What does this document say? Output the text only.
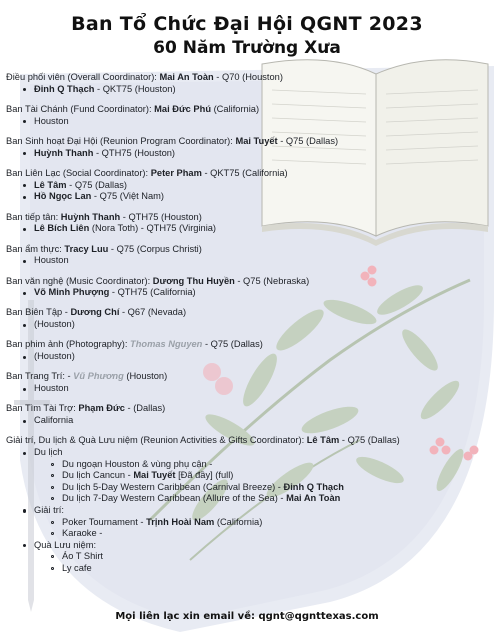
Ban Tổ Chức Đại Hội QGNT 2023
60 Năm Trường Xưa
Điều phối viên (Overall Coordinator): Mai An Toàn - Q70 (Houston)
Đinh Q Thạch - QKT75 (Houston)
Ban Tài Chánh (Fund Coordinator): Mai Đức Phú (California)
Houston
Ban Sinh hoạt Đại Hội (Reunion Program Coordinator): Mai Tuyết - Q75 (Dallas)
Huỳnh Thanh - QTH75 (Houston)
Ban Liên Lạc (Social Coordinator): Peter Pham - QKT75 (California)
Lê Tâm - Q75 (Dallas)
Hồ Ngọc Lan - Q75 (Việt Nam)
Ban tiếp tân: Huỳnh Thanh - QTH75 (Houston)
Lê Bích Liên (Nora Toth) - QTH75 (Virginia)
Ban ẩm thực: Tracy Luu - Q75 (Corpus Christi)
Houston
Ban văn nghệ (Music Coordinator): Dương Thu Huyền - Q75 (Nebraska)
Võ Minh Phượng - QTH75 (California)
Ban Biên Tập - Dương Chí - Q67 (Nevada)
(Houston)
Ban phim ảnh (Photography): Thomas Nguyen - Q75 (Dallas)
(Houston)
Ban Trang Trí: - Vũ Phương (Houston)
Houston
Ban Tìm Tài Trợ: Phạm Đức - (Dallas)
California
Giải trí, Du lịch & Quà Lưu niệm (Reunion Activities & Gifts Coordinator): Lê Tâm - Q75 (Dallas)
Du lịch
Du ngoạn Houston & vùng phụ cận -
Du lịch Cancun - Mai Tuyết [Đã đầy] (full)
Du lịch 5-Day Western Caribbean (Carnival Breeze) - Đinh Q Thạch
Du lịch 7-Day Western Caribbean (Allure of the Sea) - Mai An Toàn
Giải trí:
Poker Tournament - Trịnh Hoài Nam (California)
Karaoke -
Quà Lưu niệm:
Áo T Shirt
Ly cafe
Mọi liên lạc xin email về: qgnt@qgnttexas.com
